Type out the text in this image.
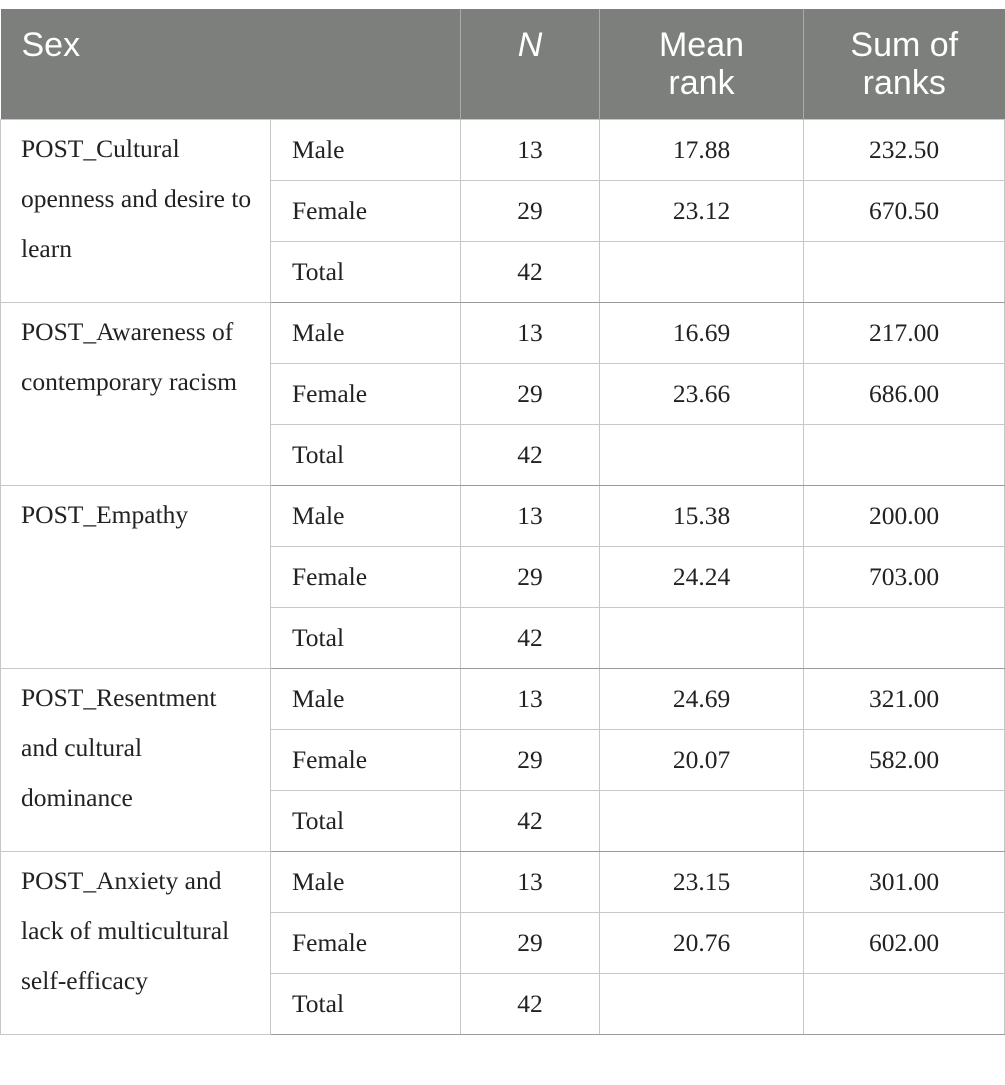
Sex		N	Mean rank	Sum of ranks

POST_Cultural openness and desire to learn	Male	13	17.88	232.50
	Female	29	23.12	670.50
	Total	42		

POST_Awareness of contemporary racism	Male	13	16.69	217.00
	Female	29	23.66	686.00
	Total	42		

POST_Empathy	Male	13	15.38	200.00
	Female	29	24.24	703.00
	Total	42		

POST_Resentment and cultural dominance	Male	13	24.69	321.00
	Female	29	20.07	582.00
	Total	42		

POST_Anxiety and lack of multicultural self-efficacy	Male	13	23.15	301.00
	Female	29	20.76	602.00
	Total	42		
